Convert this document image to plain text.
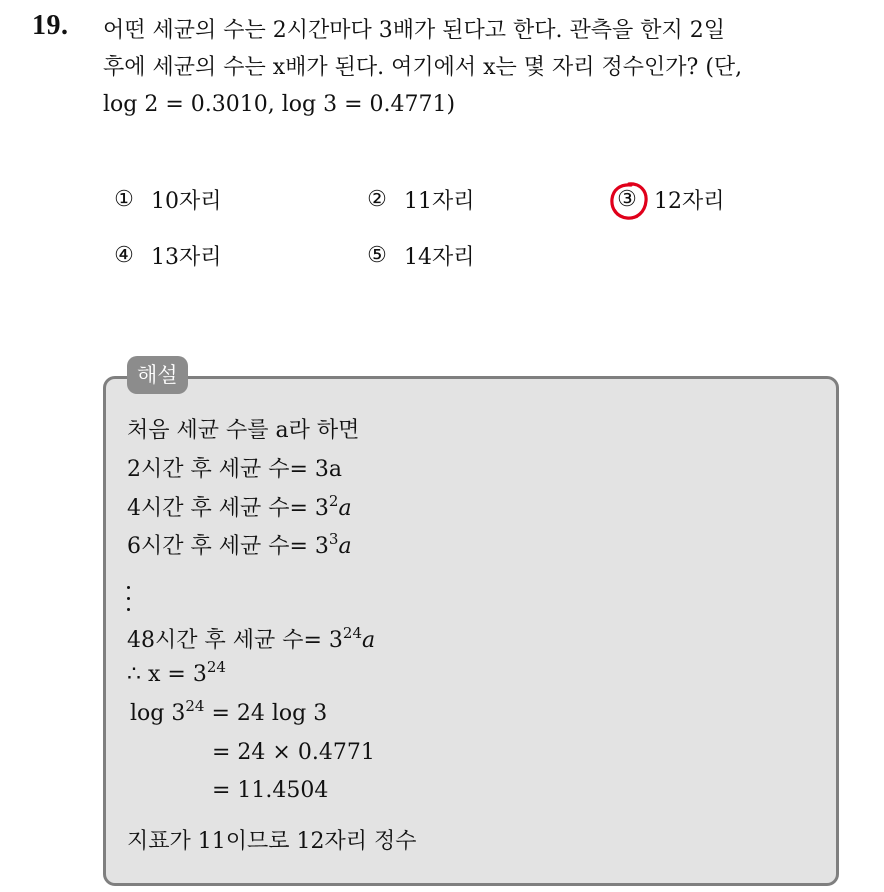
19. 어떤 세균의 수는 2시간마다 3배가 된다고 한다. 관측을 한지 2일
후에 세균의 수는 x배가 된다. 여기에서 x는 몇 자리 정수인가? (단,
log 2 = 0.3010, log 3 = 0.4771)
① 10자리	② 11자리	③ 12자리
④ 13자리	⑤ 14자리
해설
처음 세균 수를 a라 하면
2시간 후 세균 수= 3a
4시간 후 세균 수= $3^2a$
6시간 후 세균 수= $3^3a$
48시간 후 세균 수= $3^{24}a$
∴ $x = 3^{24}$
$\log 3^{24} = 24$ log 3
= 24 × 0.4771
= 11.4504
지표가 11이므로 12자리 정수
